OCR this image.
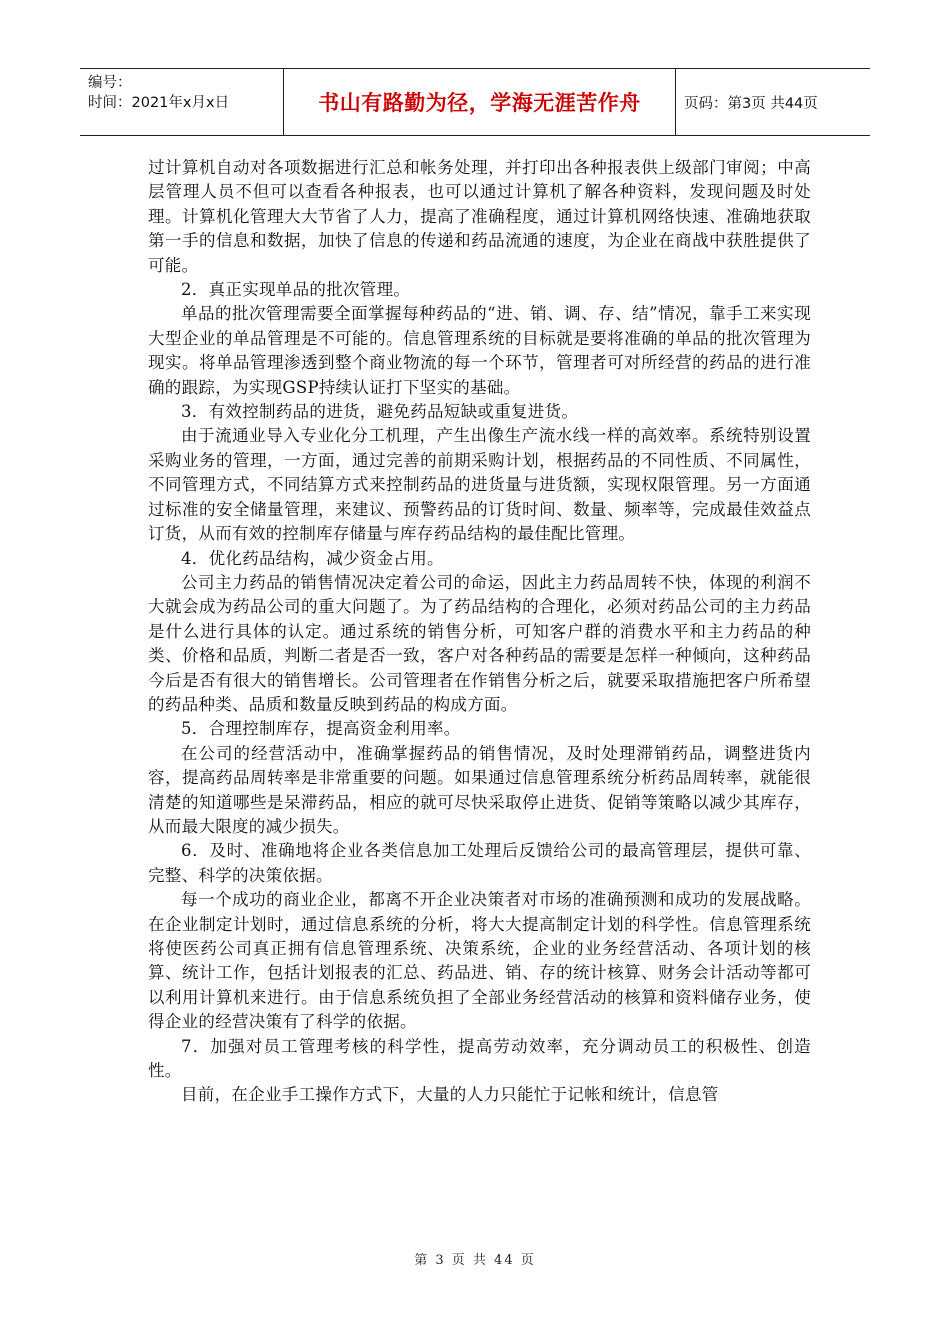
编号：
时间：2021年x月x日	书山有路勤为径，学海无涯苦作舟	页码：第3页 共44页

过计算机自动对各项数据进行汇总和帐务处理，并打印出各种报表供上级部门审阅；中高层管理人员不但可以查看各种报表，也可以通过计算机了解各种资料，发现问题及时处理。计算机化管理大大节省了人力，提高了准确程度，通过计算机网络快速、准确地获取第一手的信息和数据，加快了信息的传递和药品流通的速度，为企业在商战中获胜提供了可能。

2．真正实现单品的批次管理。

单品的批次管理需要全面掌握每种药品的“进、销、调、存、结”情况，靠手工来实现大型企业的单品管理是不可能的。信息管理系统的目标就是要将准确的单品的批次管理为现实。将单品管理渗透到整个商业物流的每一个环节，管理者可对所经营的药品的进行准确的跟踪，为实现GSP持续认证打下坚实的基础。

3．有效控制药品的进货，避免药品短缺或重复进货。

由于流通业导入专业化分工机理，产生出像生产流水线一样的高效率。系统特别设置采购业务的管理，一方面，通过完善的前期采购计划，根据药品的不同性质、不同属性，不同管理方式，不同结算方式来控制药品的进货量与进货额，实现权限管理。另一方面通过标准的安全储量管理，来建议、预警药品的订货时间、数量、频率等，完成最佳效益点订货，从而有效的控制库存储量与库存药品结构的最佳配比管理。

4．优化药品结构，减少资金占用。

公司主力药品的销售情况决定着公司的命运，因此主力药品周转不快，体现的利润不大就会成为药品公司的重大问题了。为了药品结构的合理化，必须对药品公司的主力药品是什么进行具体的认定。通过系统的销售分析，可知客户群的消费水平和主力药品的种类、价格和品质，判断二者是否一致，客户对各种药品的需要是怎样一种倾向，这种药品今后是否有很大的销售增长。公司管理者在作销售分析之后，就要采取措施把客户所希望的药品种类、品质和数量反映到药品的构成方面。

5．合理控制库存，提高资金利用率。

在公司的经营活动中，准确掌握药品的销售情况，及时处理滞销药品，调整进货内容，提高药品周转率是非常重要的问题。如果通过信息管理系统分析药品周转率，就能很清楚的知道哪些是呆滞药品，相应的就可尽快采取停止进货、促销等策略以减少其库存，从而最大限度的减少损失。

6．及时、准确地将企业各类信息加工处理后反馈给公司的最高管理层，提供可靠、完整、科学的决策依据。

每一个成功的商业企业，都离不开企业决策者对市场的准确预测和成功的发展战略。在企业制定计划时，通过信息系统的分析，将大大提高制定计划的科学性。信息管理系统将使医药公司真正拥有信息管理系统、决策系统，企业的业务经营活动、各项计划的核算、统计工作，包括计划报表的汇总、药品进、销、存的统计核算、财务会计活动等都可以利用计算机来进行。由于信息系统负担了全部业务经营活动的核算和资料储存业务，使得企业的经营决策有了科学的依据。

7．加强对员工管理考核的科学性，提高劳动效率，充分调动员工的积极性、创造性。

目前，在企业手工操作方式下，大量的人力只能忙于记帐和统计，信息管

第 3 页 共 44 页
